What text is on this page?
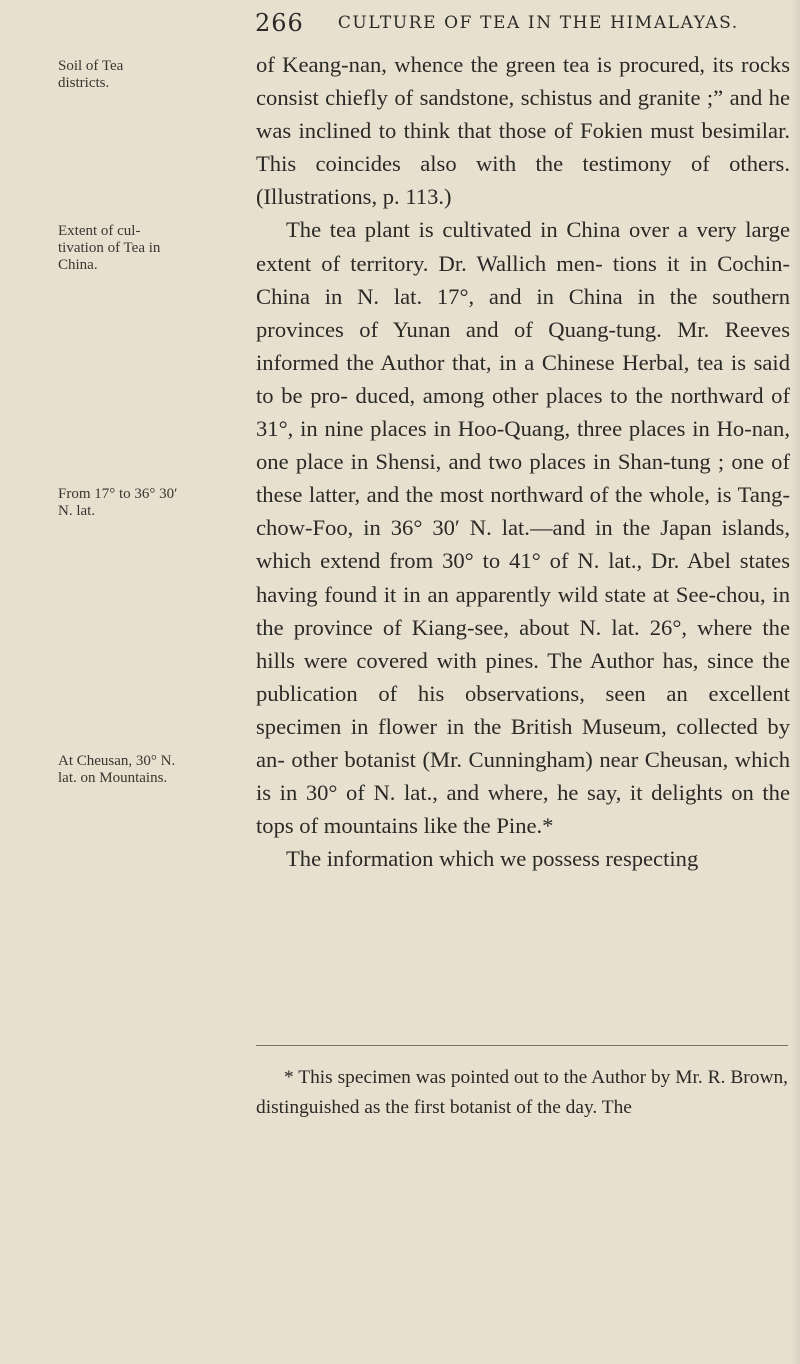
266 CULTURE OF TEA IN THE HIMALAYAS.
Soil of Tea districts.
Extent of cul- tivation of Tea in China.
From 17° to 36° 30′ N. lat.
At Cheusan, 30° N. lat. on Mountains.

of Keang-nan, whence the green tea is procured, its rocks consist chiefly of sandstone, schistus and granite ;” and he was inclined to think that those of Fokien must besimilar. This coincides also with the testimony of others. (Illustrations, p. 113.)

The tea plant is cultivated in China over a very large extent of territory. Dr. Wallich men- tions it in Cochin-China in N. lat. 17°, and in China in the southern provinces of Yunan and of Quang-tung. Mr. Reeves informed the Author that, in a Chinese Herbal, tea is said to be pro- duced, among other places to the northward of 31°, in nine places in Hoo-Quang, three places in Ho-nan, one place in Shensi, and two places in Shan-tung ; one of these latter, and the most northward of the whole, is Tang-chow-Foo, in 36° 30′ N. lat.—and in the Japan islands, which extend from 30° to 41° of N. lat., Dr. Abel states having found it in an apparently wild state at See-chou, in the province of Kiang-see, about N. lat. 26°, where the hills were covered with pines. The Author has, since the publication of his observations, seen an excellent specimen in flower in the British Museum, collected by an- other botanist (Mr. Cunningham) near Cheusan, which is in 30° of N. lat., and where, he say, it delights on the tops of mountains like the Pine.*

The information which we possess respecting

* This specimen was pointed out to the Author by Mr. R. Brown, distinguished as the first botanist of the day. The
